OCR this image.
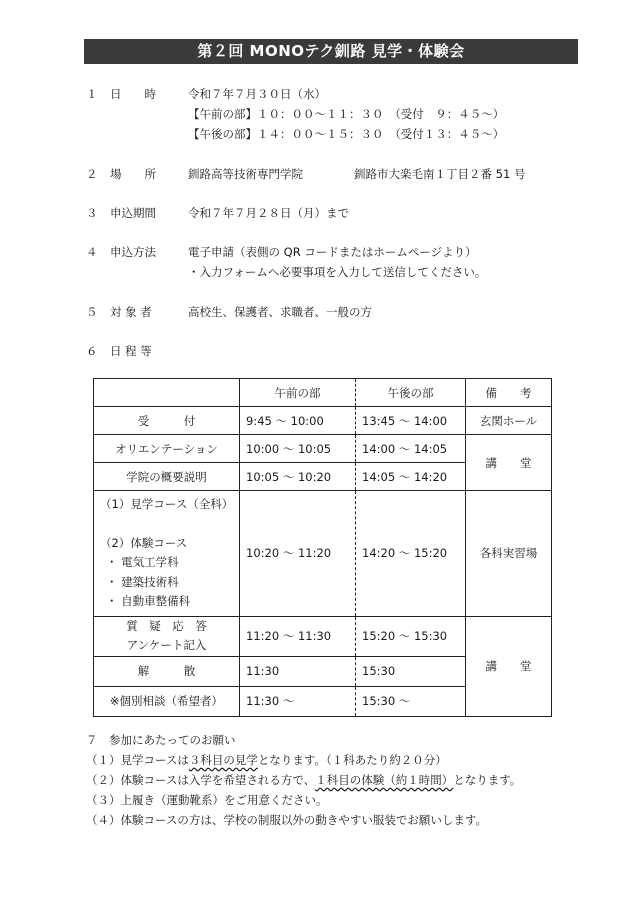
第２回 MONOテク釧路 見学・体験会
１ 日　　時	令和７年７月３０日（水）
【午前の部】１０：００～１１：３０　（受付　９：４５～）
【午後の部】１４：００～１５：３０　（受付１３：４５～）
２ 場　　所	釧路高等技術専門学院	釧路市大楽毛南１丁目２番 51 号
３ 申込期間	令和７年７月２８日（月）まで
４ 申込方法	電子申請（表側の QR コードまたはホームページより）
・入力フォームへ必要事項を入力して送信してください。
５ 対 象 者	高校生、保護者、求職者、一般の方
６ 日 程 等
	午前の部	午後の部	備　　考
受　　　付	9:45 ～ 10:00	13:45 ～ 14:00	玄関ホール
オリエンテーション	10:00 ～ 10:05	14:00 ～ 14:05	講　　堂
学院の概要説明	10:05 ～ 10:20	14:05 ～ 14:20	

（1）見学コース（全科）
（2）体験コース
・ 電気工学科
・ 建築技術科
・ 自動車整備科	10:20 ～ 11:20	14:20 ～ 15:20	各科実習場

質　疑　応　答
アンケート記入	11:20 ～ 11:30	15:20 ～ 15:30	講　　堂
解　　　散	11:30	15:30	
※個別相談（希望者）	11:30 ～	15:30 ～	
７　参加にあたってのお願い
（１）見学コースは３科目の見学となります。（１科あたり約２０分）
（２）体験コースは入学を希望される方で、１科目の体験（約１時間）となります。
（３）上履き（運動靴系）をご用意ください。
（４）体験コースの方は、学校の制服以外の動きやすい服装でお願いします。
